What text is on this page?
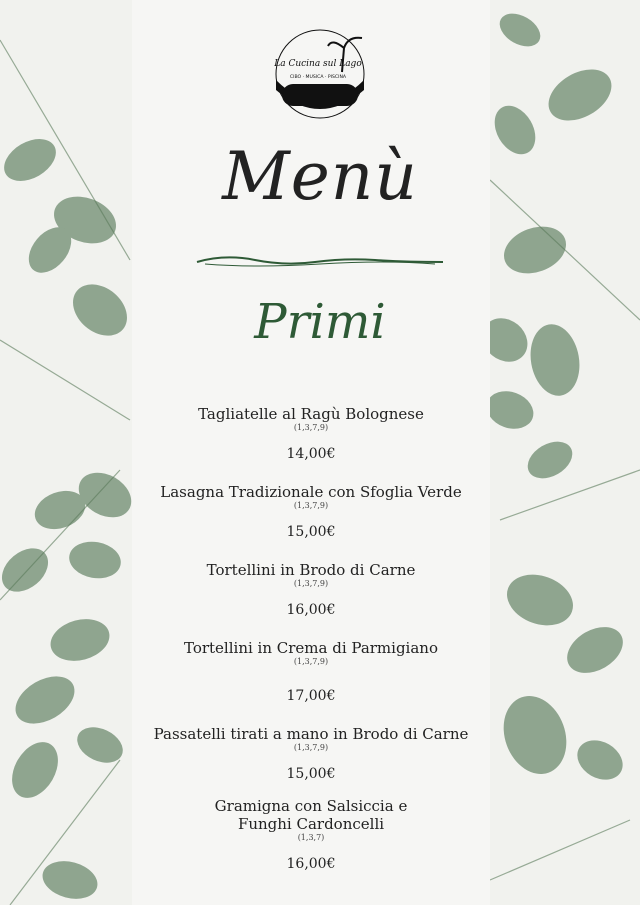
La Cucina sul Lago
CIBO · MUSICA · PISCINA
Menù
Primi
Tagliatelle al Ragù Bolognese
(1,3,7,9)
14,00€
Lasagna Tradizionale con Sfoglia Verde
(1,3,7,9)
15,00€
Tortellini in Brodo di Carne
(1,3,7,9)
16,00€
Tortellini in Crema di Parmigiano
(1,3,7,9)
17,00€
Passatelli tirati a mano in Brodo di Carne
(1,3,7,9)
15,00€
Gramigna con Salsiccia e
Funghi Cardoncelli
(1,3,7)
16,00€
